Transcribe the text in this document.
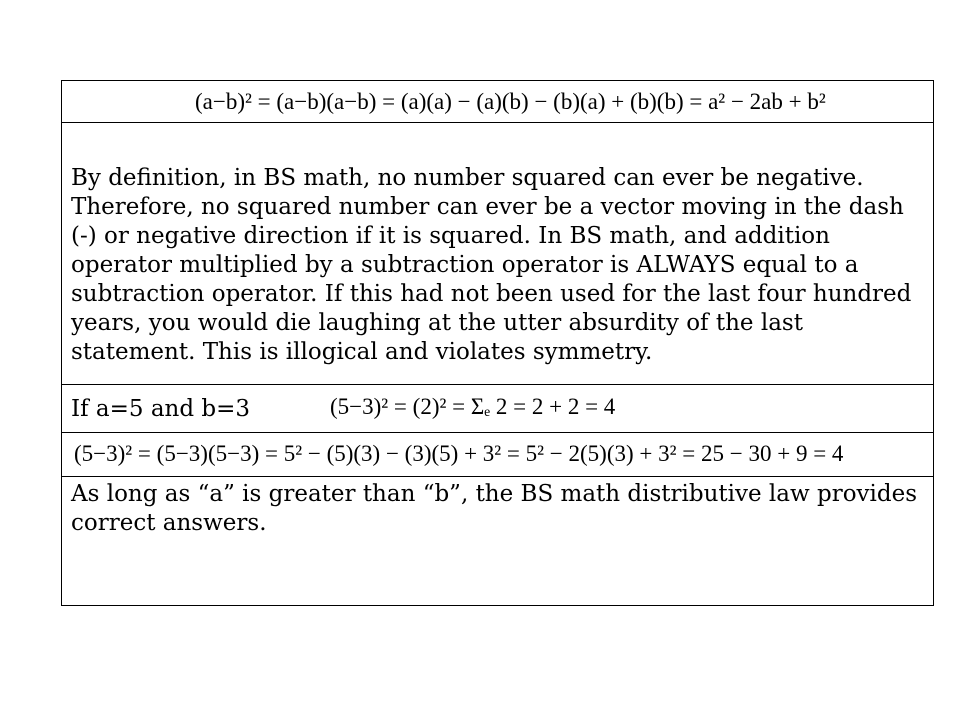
(a−b)² = (a−b)(a−b) = (a)(a) − (a)(b) − (b)(a) + (b)(b) = a² − 2ab + b²
By definition, in BS math, no number squared can ever be negative. Therefore, no squared number can ever be a vector moving in the dash (-) or negative direction if it is squared. In BS math, and addition operator multiplied by a subtraction operator is ALWAYS equal to a subtraction operator. If this had not been used for the last four hundred years, you would die laughing at the utter absurdity of the last statement. This is illogical and violates symmetry.
If a=5 and b=3	(5−3)² = (2)² = Σₑ 2 = 2 + 2 = 4
(5−3)² = (5−3)(5−3) = 5² − (5)(3) − (3)(5) + 3² = 5² − 2(5)(3) + 3² = 25 − 30 + 9 = 4
As long as “a” is greater than “b”, the BS math distributive law provides correct answers.
